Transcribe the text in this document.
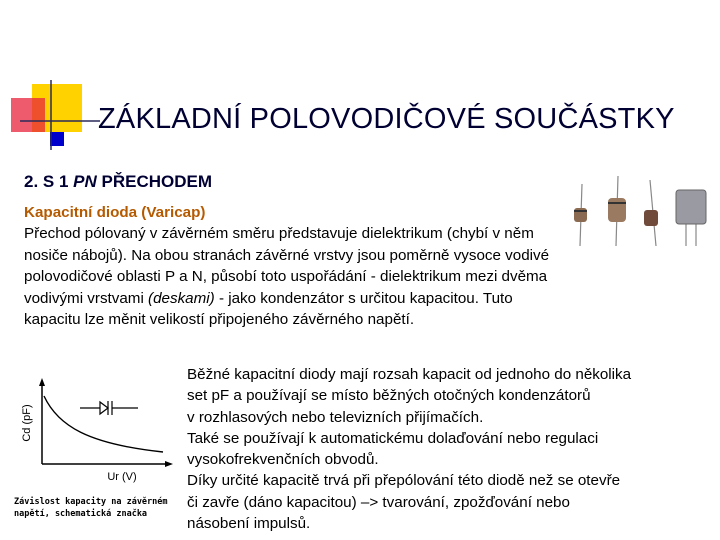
ZÁKLADNÍ POLOVODIČOVÉ SOUČÁSTKY
2. S 1 PN PŘECHODEM
Kapacitní dioda (Varicap)
Přechod pólovaný v závěrném směru představuje dielektrikum (chybí v něm nosiče nábojů). Na obou stranách závěrné vrstvy jsou poměrně vysoce vodivé polovodičové oblasti P a N, působí toto uspořádání - dielektrikum mezi dvěma vodivými vrstvami (deskami) - jako kondenzátor s určitou kapacitou. Tuto kapacitu lze měnit velikostí připojeného závěrného napětí.
Cd (pF)
Ur (V)
Závislost kapacity na závěrném napětí, schematická značka
Běžné kapacitní diody mají rozsah kapacit od jednoho do několika
set pF a používají se místo běžných otočných kondenzátorů
v rozhlasových nebo televizních přijímačích.
Také se používají k automatickému dolaďování nebo regulaci
vysokofrekvenčních obvodů.
Díky určité kapacitě trvá při přepólování této diodě než se otevře
či zavře (dáno kapacitou) –> tvarování, zpožďování nebo
násobení impulsů.
